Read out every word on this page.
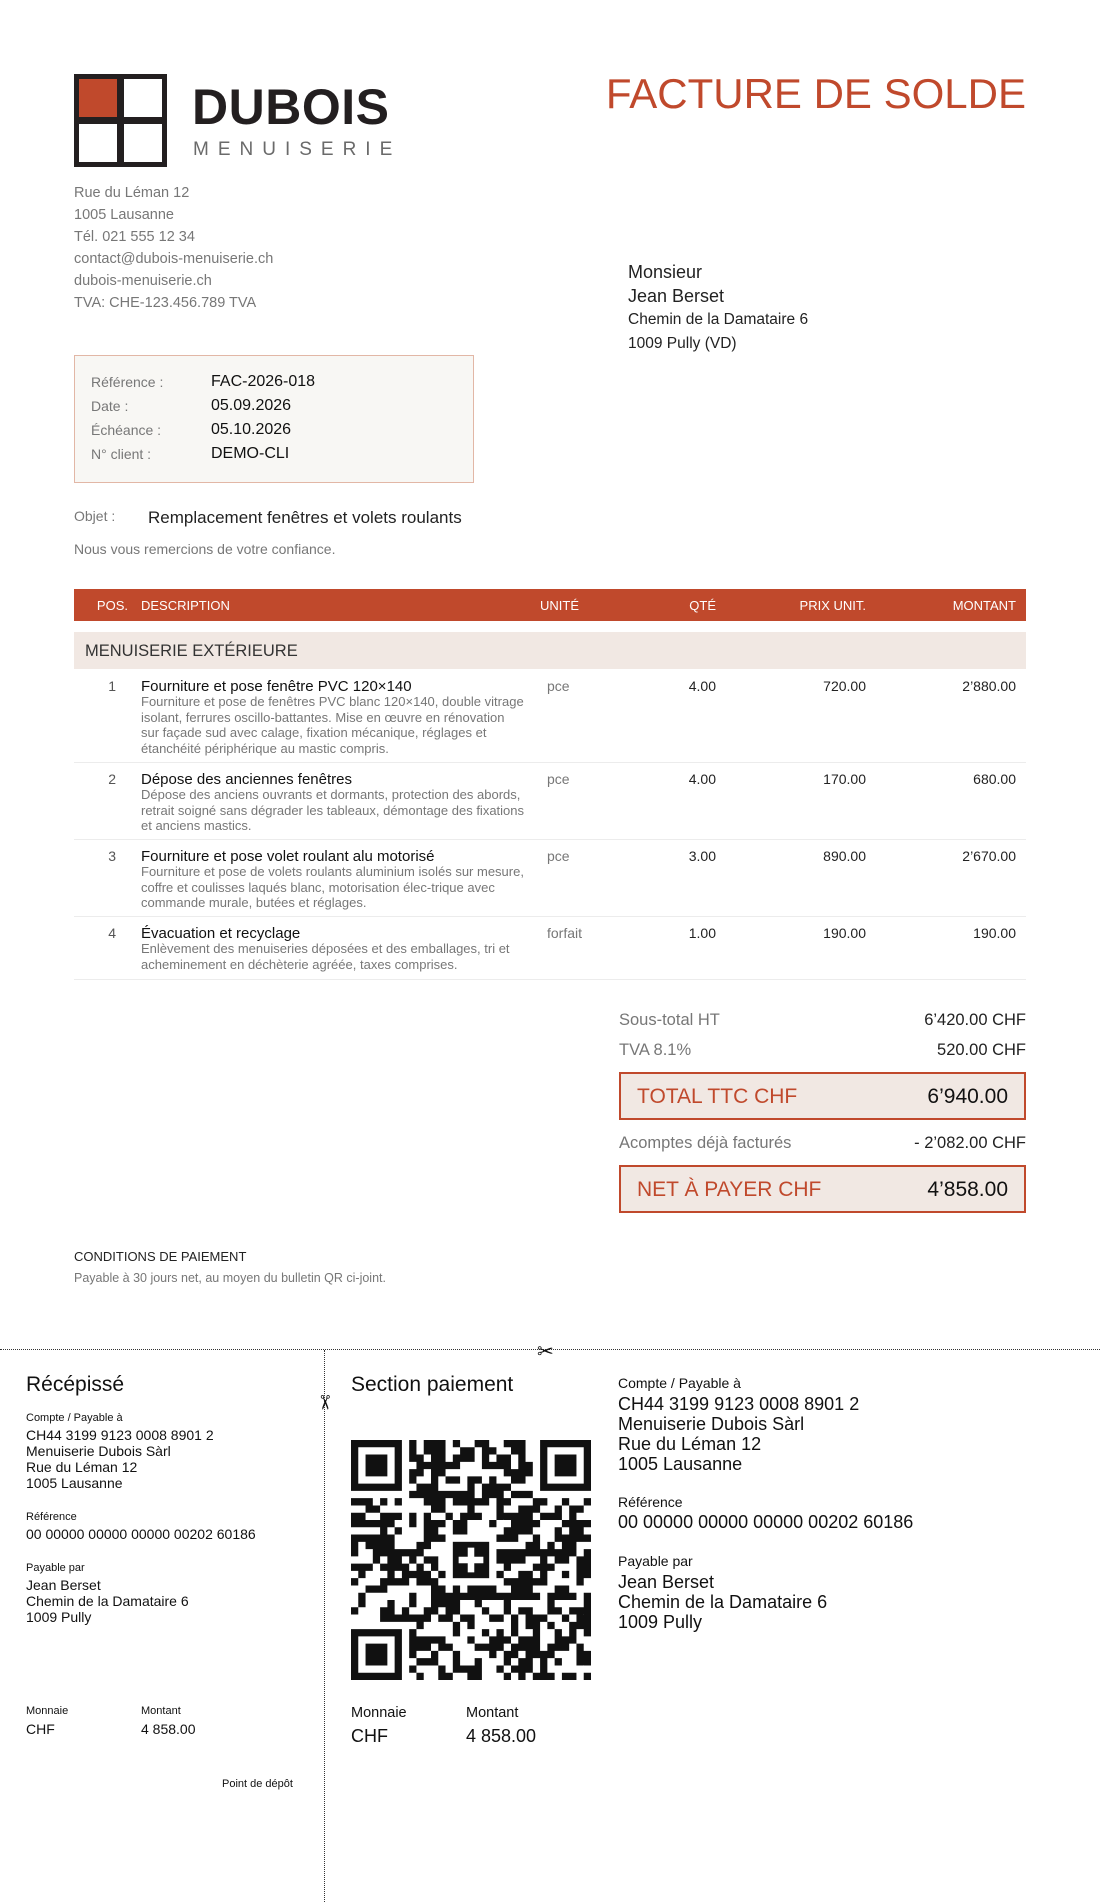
DUBOIS
MENUISERIE
FACTURE DE SOLDE
Rue du Léman 12
1005 Lausanne
Tél. 021 555 12 34
contact@dubois-menuiserie.ch
dubois-menuiserie.ch
TVA: CHE-123.456.789 TVA
Monsieur
Jean Berset
Chemin de la Damataire 6
1009 Pully (VD)
Référence :	FAC-2026-018
Date :	05.09.2026
Échéance :	05.10.2026
N° client :	DEMO-CLI
Objet : Remplacement fenêtres et volets roulants
Nous vous remercions de votre confiance.
POS. DESCRIPTION	UNITÉ	QTÉ	PRIX UNIT.	MONTANT
MENUISERIE EXTÉRIEURE
1 Fourniture et pose fenêtre PVC 120×140
Fourniture et pose de fenêtres PVC blanc 120×140, double vitrage isolant, ferrures oscillo-battantes. Mise en œuvre en rénovation sur façade sud avec calage, fixation mécanique, réglages et étanchéité périphérique au mastic compris.
pce	4.00	720.00	2’880.00
2 Dépose des anciennes fenêtres
Dépose des anciens ouvrants et dormants, protection des abords, retrait soigné sans dégrader les tableaux, démontage des fixations et anciens mastics.
pce	4.00	170.00	680.00
3 Fourniture et pose volet roulant alu motorisé
Fourniture et pose de volets roulants aluminium isolés sur mesure, coffre et coulisses laqués blanc, motorisation élec-trique avec commande murale, butées et réglages.
pce	3.00	890.00	2’670.00
4 Évacuation et recyclage
Enlèvement des menuiseries déposées et des emballages, tri et acheminement en déchèterie agréée, taxes comprises.
forfait	1.00	190.00	190.00
Sous-total HT	6’420.00 CHF
TVA 8.1%	520.00 CHF
TOTAL TTC CHF	6’940.00
Acomptes déjà facturés	- 2’082.00 CHF
NET À PAYER CHF	4’858.00
CONDITIONS DE PAIEMENT
Payable à 30 jours net, au moyen du bulletin QR ci-joint.
✂
✂
Récépissé
Compte / Payable à
CH44 3199 9123 0008 8901 2
Menuiserie Dubois Sàrl
Rue du Léman 12
1005 Lausanne
Référence
00 00000 00000 00000 00202 60186
Payable par
Jean Berset
Chemin de la Damataire 6
1009 Pully
Monnaie
CHF
Montant
4 858.00
Point de dépôt
Section paiement
Monnaie
CHF
Montant
4 858.00
Compte / Payable à
CH44 3199 9123 0008 8901 2
Menuiserie Dubois Sàrl
Rue du Léman 12
1005 Lausanne
Référence
00 00000 00000 00000 00202 60186
Payable par
Jean Berset
Chemin de la Damataire 6
1009 Pully
